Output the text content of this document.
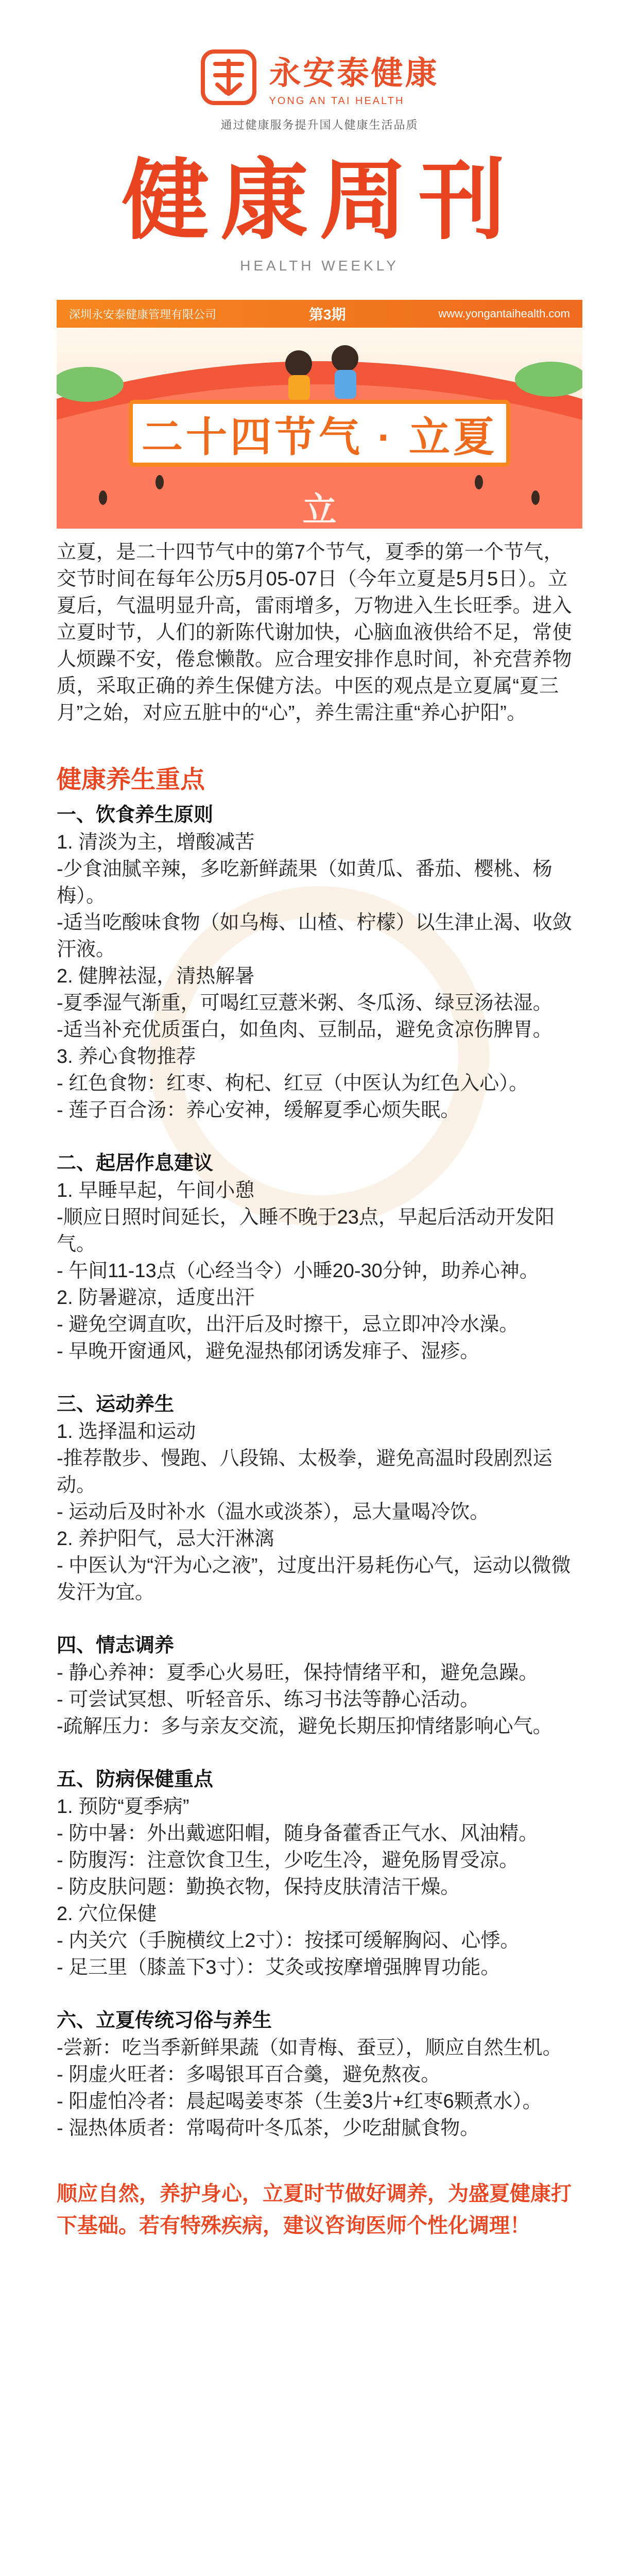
永安泰健康
YONG AN TAI HEALTH
通过健康服务提升国人健康生活品质
健康周刊
HEALTH WEEKLY
深圳永安泰健康管理有限公司	第3期	www.yongantaihealth.com
二十四节气 · 立夏
立

立夏，是二十四节气中的第7个节气，夏季的第一个节气，交节时间在每年公历5月05-07日（今年立夏是5月5日）。立夏后，气温明显升高，雷雨增多，万物进入生长旺季。进入立夏时节，人们的新陈代谢加快，心脑血液供给不足，常使人烦躁不安，倦怠懒散。应合理安排作息时间，补充营养物质，采取正确的养生保健方法。中医的观点是立夏属“夏三月”之始，对应五脏中的“心”，养生需注重“养心护阳”。

健康养生重点
一、饮食养生原则
1. 清淡为主，增酸减苦
-少食油腻辛辣，多吃新鲜蔬果（如黄瓜、番茄、樱桃、杨梅）。
-适当吃酸味食物（如乌梅、山楂、柠檬）以生津止渴、收敛汗液。
2. 健脾祛湿，清热解暑
-夏季湿气渐重，可喝红豆薏米粥、冬瓜汤、绿豆汤祛湿。
-适当补充优质蛋白，如鱼肉、豆制品，避免贪凉伤脾胃。
3. 养心食物推荐
- 红色食物：红枣、枸杞、红豆（中医认为红色入心）。
- 莲子百合汤：养心安神，缓解夏季心烦失眠。
二、起居作息建议
1. 早睡早起，午间小憩
-顺应日照时间延长，入睡不晚于23点，早起后活动开发阳气。
- 午间11-13点（心经当令）小睡20-30分钟，助养心神。
2. 防暑避凉，适度出汗
- 避免空调直吹，出汗后及时擦干，忌立即冲冷水澡。
- 早晚开窗通风，避免湿热郁闭诱发痱子、湿疹。
三、运动养生
1. 选择温和运动
-推荐散步、慢跑、八段锦、太极拳，避免高温时段剧烈运动。
- 运动后及时补水（温水或淡茶），忌大量喝冷饮。
2. 养护阳气，忌大汗淋漓
- 中医认为“汗为心之液”，过度出汗易耗伤心气，运动以微微发汗为宜。
四、情志调养
- 静心养神：夏季心火易旺，保持情绪平和，避免急躁。
- 可尝试冥想、听轻音乐、练习书法等静心活动。
-疏解压力：多与亲友交流，避免长期压抑情绪影响心气。
五、防病保健重点
1. 预防“夏季病”
- 防中暑：外出戴遮阳帽，随身备藿香正气水、风油精。
- 防腹泻：注意饮食卫生，少吃生冷，避免肠胃受凉。
- 防皮肤问题：勤换衣物，保持皮肤清洁干燥。
2. 穴位保健
- 内关穴（手腕横纹上2寸）：按揉可缓解胸闷、心悸。
- 足三里（膝盖下3寸）：艾灸或按摩增强脾胃功能。
六、立夏传统习俗与养生
-尝新：吃当季新鲜果蔬（如青梅、蚕豆），顺应自然生机。
- 阴虚火旺者：多喝银耳百合羹，避免熬夜。
- 阳虚怕冷者：晨起喝姜枣茶（生姜3片+红枣6颗煮水）。
- 湿热体质者：常喝荷叶冬瓜茶，少吃甜腻食物。

顺应自然，养护身心，立夏时节做好调养，为盛夏健康打下基础。若有特殊疾病，建议咨询医师个性化调理！
